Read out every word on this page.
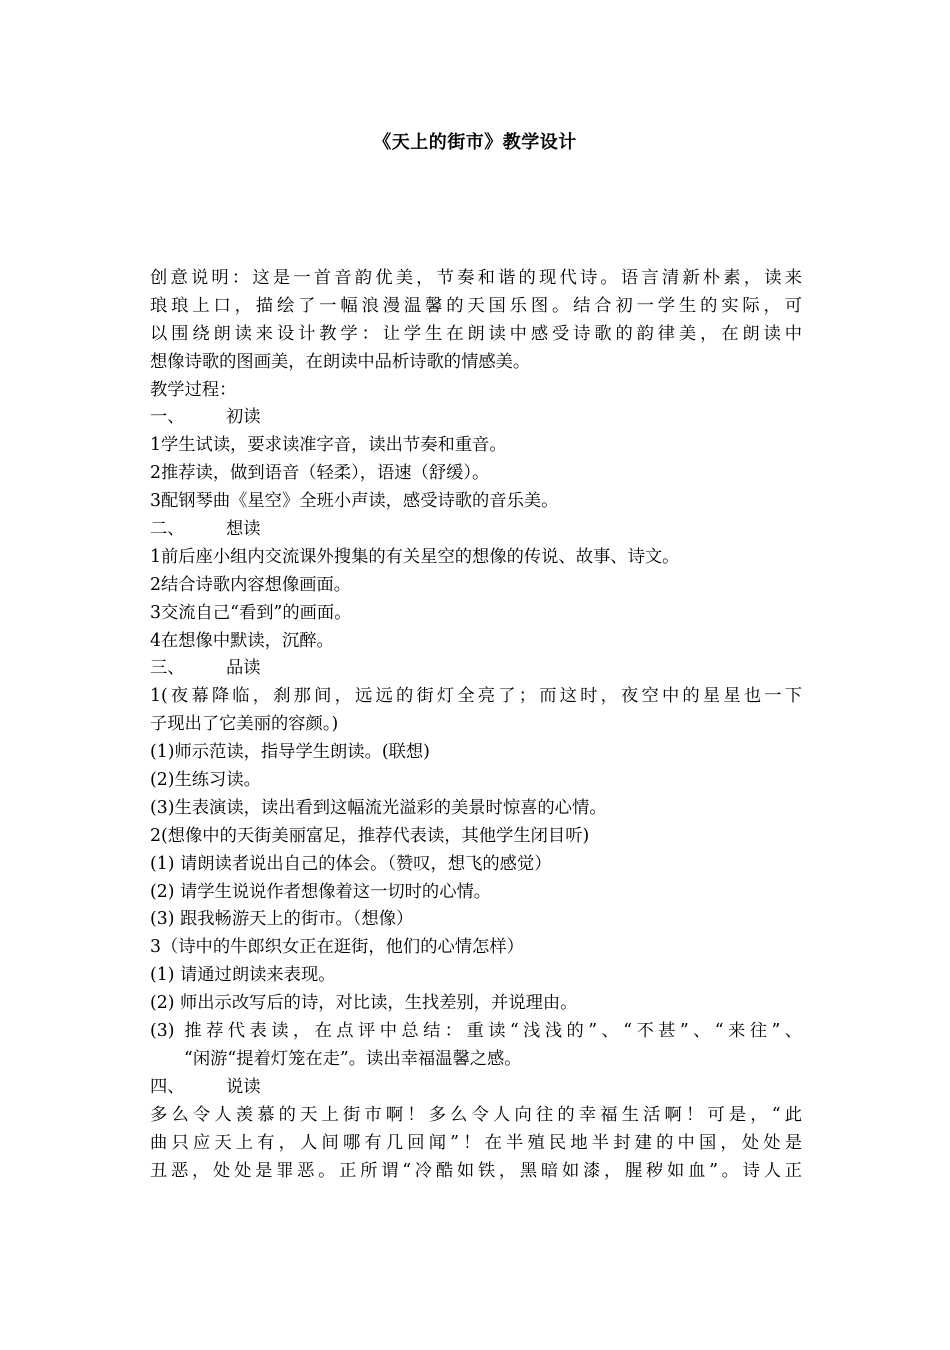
《天上的街市》教学设计
创意说明：这是一首音韵优美，节奏和谐的现代诗。语言清新朴素，读来
琅琅上口，描绘了一幅浪漫温馨的天国乐图。结合初一学生的实际，可
以围绕朗读来设计教学：让学生在朗读中感受诗歌的韵律美，在朗读中
想像诗歌的图画美，在朗读中品析诗歌的情感美。
教学过程：
一、 初读
1学生试读，要求读准字音，读出节奏和重音。
2推荐读，做到语音（轻柔），语速（舒缓）。
3配钢琴曲《星空》全班小声读，感受诗歌的音乐美。
二、 想读
1前后座小组内交流课外搜集的有关星空的想像的传说、故事、诗文。
2结合诗歌内容想像画面。
3交流自己“看到”的画面。
4在想像中默读，沉醉。
三、 品读
1(夜幕降临，刹那间，远远的街灯全亮了；而这时，夜空中的星星也一下
子现出了它美丽的容颜。)
(1)师示范读，指导学生朗读。(联想)
(2)生练习读。
(3)生表演读，读出看到这幅流光溢彩的美景时惊喜的心情。
2(想像中的天街美丽富足，推荐代表读，其他学生闭目听)
(1) 请朗读者说出自己的体会。（赞叹，想飞的感觉）
(2) 请学生说说作者想像着这一切时的心情。
(3) 跟我畅游天上的街市。（想像）
3（诗中的牛郎织女正在逛街，他们的心情怎样）
(1) 请通过朗读来表现。
(2) 师出示改写后的诗，对比读，生找差别，并说理由。
(3) 推荐代表读，在点评中总结：重读“浅浅的”、“不甚”、“来往”、
“闲游“提着灯笼在走”。读出幸福温馨之感。
四、 说读
多么令人羡慕的天上街市啊！多么令人向往的幸福生活啊！可是，“此
曲只应天上有，人间哪有几回闻”！在半殖民地半封建的中国，处处是
丑恶，处处是罪恶。正所谓“冷酷如铁，黑暗如漆，腥秽如血”。诗人正
